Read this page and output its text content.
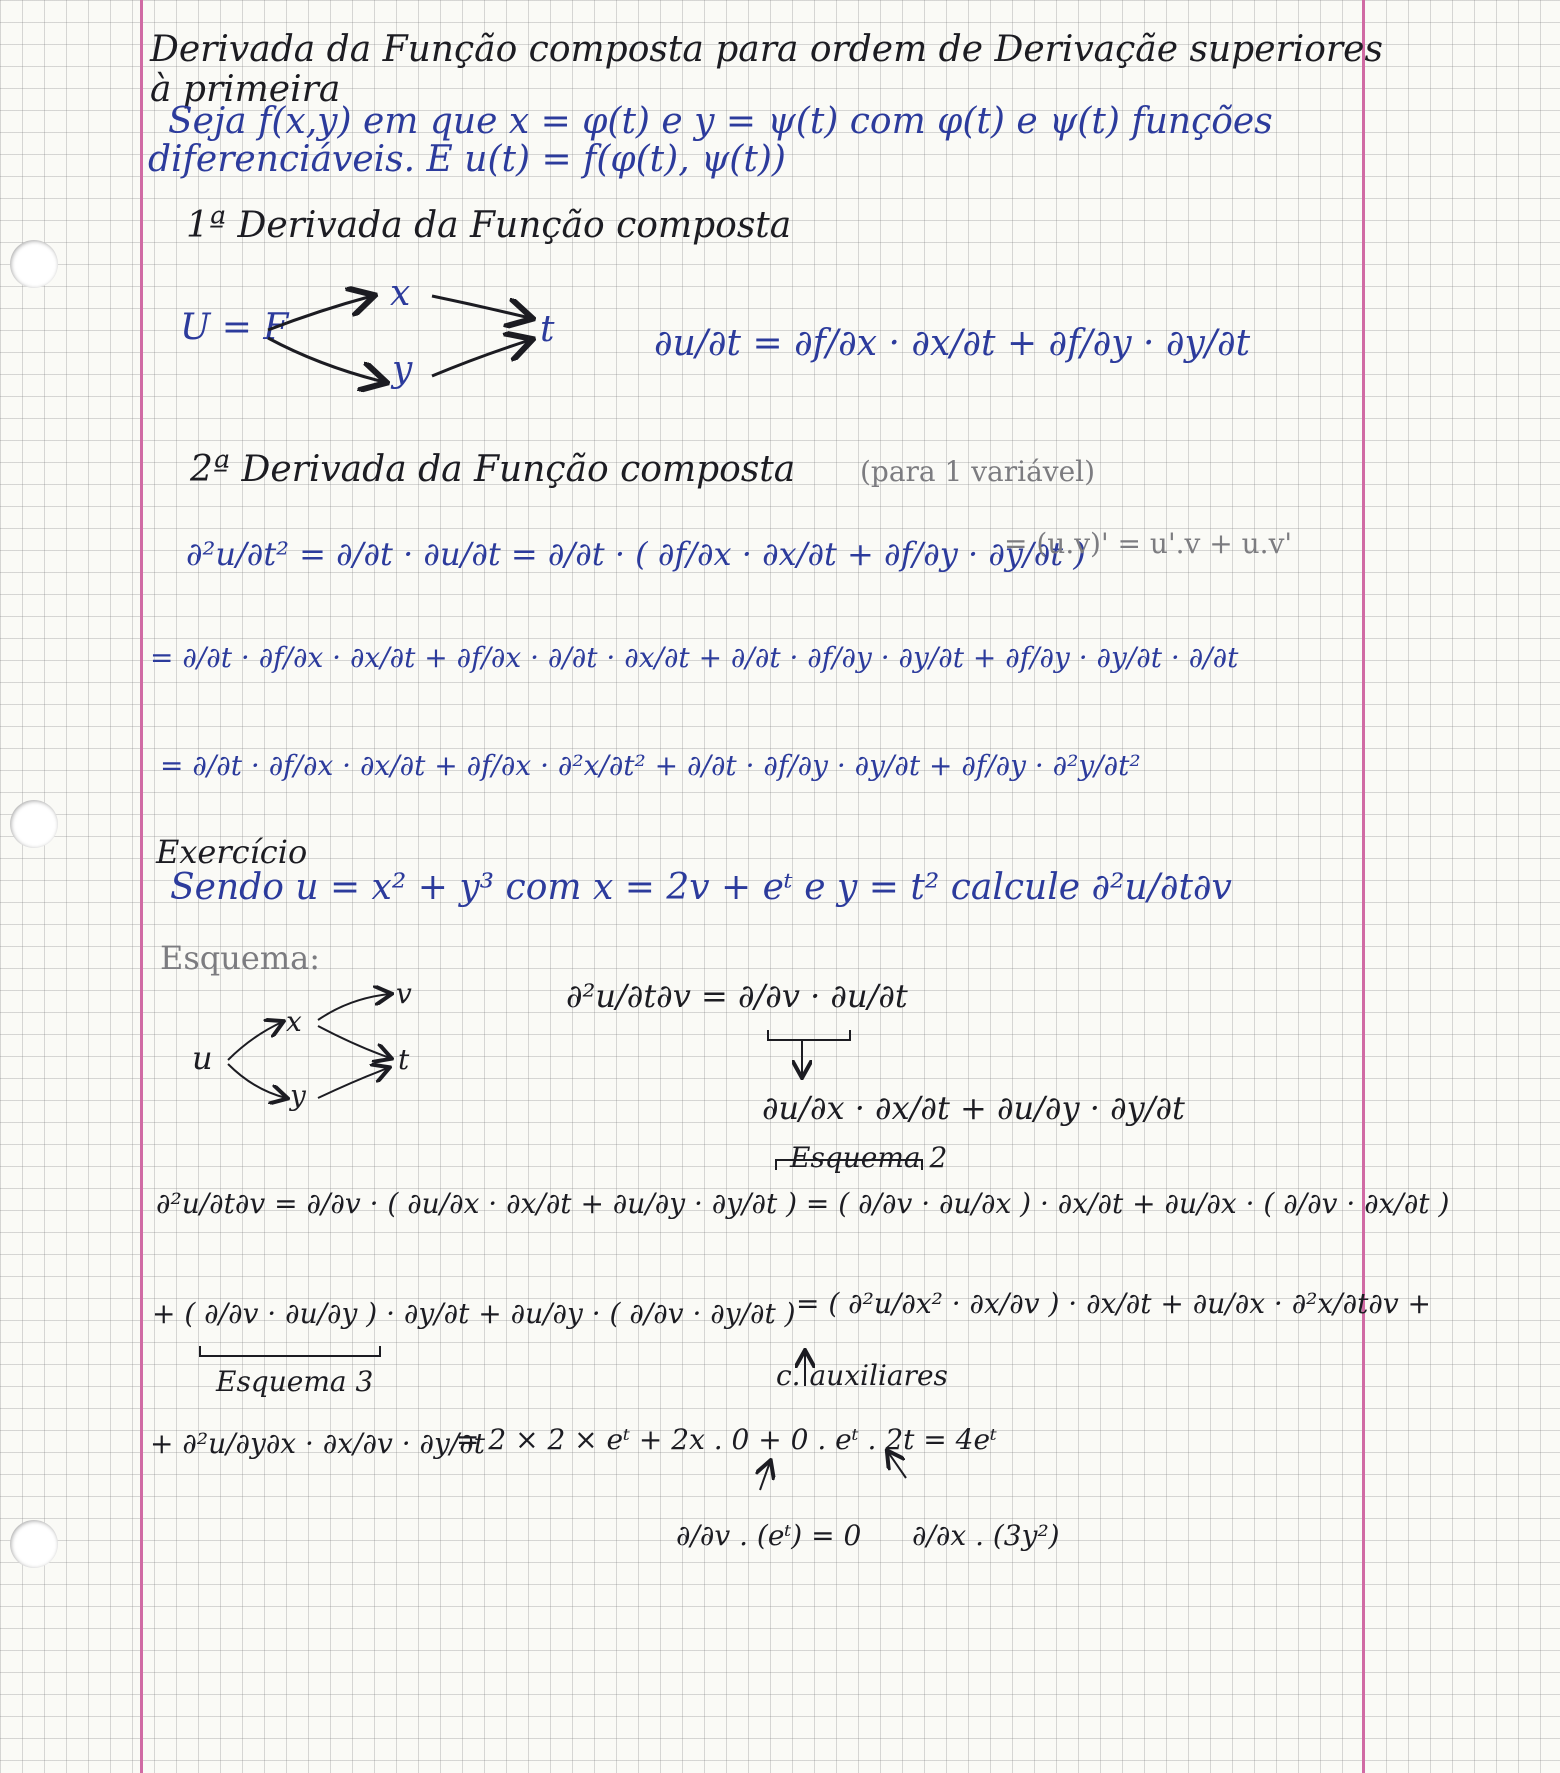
Derivada da Função composta para ordem de Derivaçãe superiores
à primeira
Seja f(x,y) em que x = φ(t) e y = ψ(t) com φ(t) e ψ(t) funções
diferenciáveis. E u(t) = f(φ(t), ψ(t))
1ª Derivada da Função composta
U = F
x
y
t	∂u/∂t = ∂f/∂x · ∂x/∂t + ∂f/∂y · ∂y/∂t
2ª Derivada da Função composta (para 1 variável)
∂²u/∂t² = ∂/∂t · ∂u/∂t = ∂/∂t · ( ∂f/∂x · ∂x/∂t + ∂f/∂y · ∂y/∂t )
= (u.v)' = u'.v + u.v'
= ∂/∂t · ∂f/∂x · ∂x/∂t + ∂f/∂x · ∂/∂t · ∂x/∂t + ∂/∂t · ∂f/∂y · ∂y/∂t + ∂f/∂y · ∂y/∂t · ∂/∂t
= ∂/∂t · ∂f/∂x · ∂x/∂t + ∂f/∂x · ∂²x/∂t² + ∂/∂t · ∂f/∂y · ∂y/∂t + ∂f/∂y · ∂²y/∂t²
Exercício
Sendo u = x² + y³ com x = 2v + eᵗ e y = t² calcule ∂²u/∂t∂v
Esquema:
u
x
y
v
t
∂²u/∂t∂v = ∂/∂v · ∂u/∂t
∂u/∂x · ∂x/∂t + ∂u/∂y · ∂y/∂t
Esquema 2
∂²u/∂t∂v = ∂/∂v · ( ∂u/∂x · ∂x/∂t + ∂u/∂y · ∂y/∂t ) = ( ∂/∂v · ∂u/∂x ) · ∂x/∂t + ∂u/∂x · ( ∂/∂v · ∂x/∂t )
+ ( ∂/∂v · ∂u/∂y ) · ∂y/∂t + ∂u/∂y · ( ∂/∂v · ∂y/∂t ) = ( ∂²u/∂x² · ∂x/∂v ) · ∂x/∂t + ∂u/∂x · ∂²x/∂t∂v +
Esquema 3	c. auxiliares
+ ∂²u/∂y∂x · ∂x/∂v · ∂y/∂t
= 2 × 2 × eᵗ + 2x . 0 + 0 . eᵗ . 2t = 4eᵗ
∂/∂v . (eᵗ) = 0 ∂/∂x . (3y²)
